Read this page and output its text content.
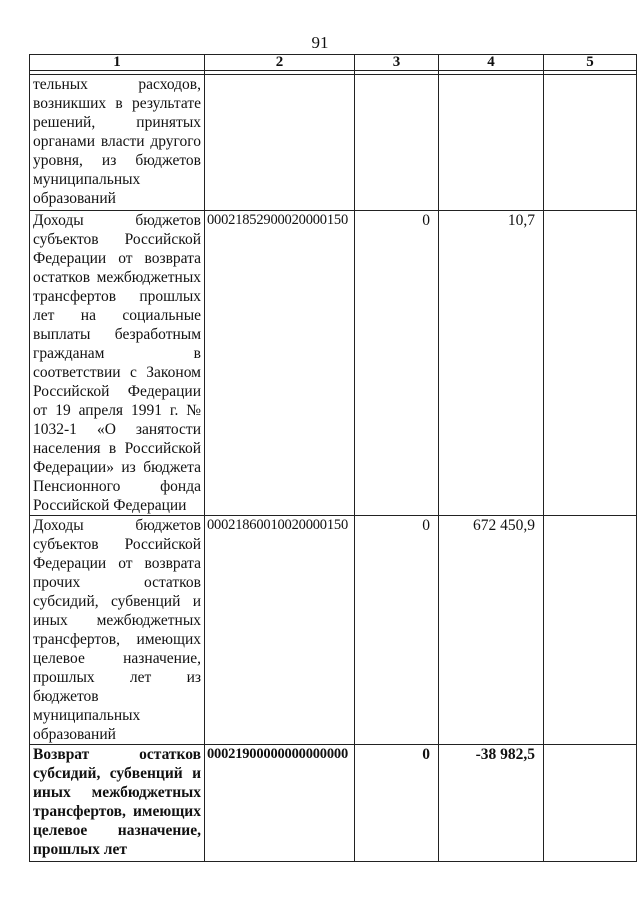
91
1	2	3	4	5

тельных расходов, возникших в результате решений, принятых органами власти другого уровня, из бюджетов муниципальных образований				
Доходы бюджетов субъектов Российской Федерации от возврата остатков межбюджетных трансфертов прошлых лет на социальные выплаты безработным гражданам в соответствии с Законом Российской Федерации от 19 апреля 1991 г. № 1032-1 «О занятости населения в Российской Федерации» из бюджета Пенсионного фонда Российской Федерации	00021852900020000150	0	10,7	
Доходы бюджетов субъектов Российской Федерации от возврата прочих остатков субсидий, субвенций и иных межбюджетных трансфертов, имеющих целевое назначение, прошлых лет из бюджетов муниципальных образований	00021860010020000150	0	672 450,9	
Возврат остатков субсидий, субвенций и иных межбюджетных трансфертов, имеющих целевое назначение, прошлых лет	00021900000000000000	0	-38 982,5	
